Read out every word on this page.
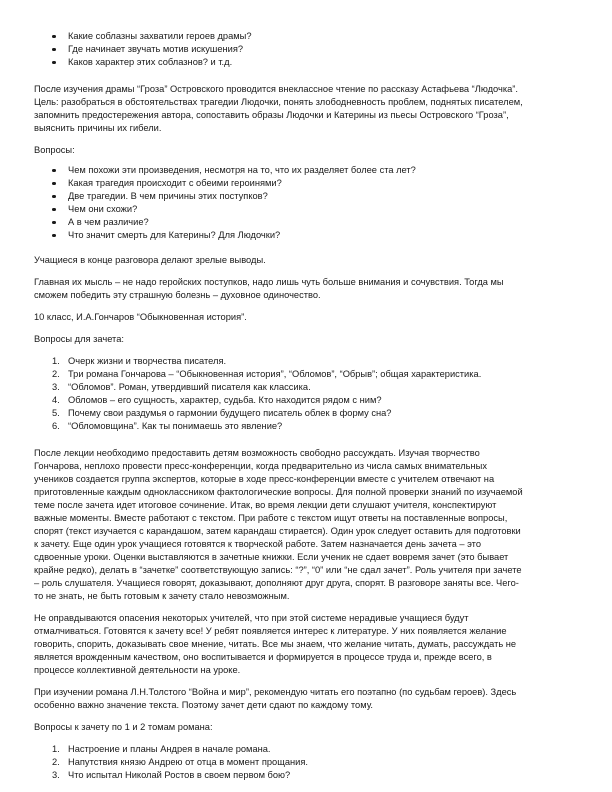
Какие соблазны захватили героев драмы?
Где начинает звучать мотив искушения?
Каков характер этих соблазнов? и т.д.

После изучения драмы “Гроза” Островского проводится внеклассное чтение по рассказу Астафьева “Людочка”.
Цель: разобраться в обстоятельствах трагедии Людочки, понять злободневность проблем, поднятых писателем,
запомнить предостережения автора, сопоставить образы Людочки и Катерины из пьесы Островского “Гроза”,
выяснить причины их гибели.

Вопросы:

Чем похожи эти произведения, несмотря на то, что их разделяет более ста лет?
Какая трагедия происходит с обеими героинями?
Две трагедии. В чем причины этих поступков?
Чем они схожи?
А в чем различие?
Что значит смерть для Катерины? Для Людочки?

Учащиеся в конце разговора делают зрелые выводы.

Главная их мысль – не надо геройских поступков, надо лишь чуть больше внимания и сочувствия. Тогда мы
сможем победить эту страшную болезнь – духовное одиночество.

10 класс, И.А.Гончаров “Обыкновенная история”.

Вопросы для зачета:

1. Очерк жизни и творчества писателя.
2. Три романа Гончарова – “Обыкновенная история”, “Обломов”, “Обрыв”; общая характеристика.
3. “Обломов”. Роман, утвердивший писателя как классика.
4. Обломов – его сущность, характер, судьба. Кто находится рядом с ним?
5. Почему свои раздумья о гармонии будущего писатель облек в форму сна?
6. “Обломовщина”. Как ты понимаешь это явление?

После лекции необходимо предоставить детям возможность свободно рассуждать. Изучая творчество
Гончарова, неплохо провести пресс-конференции, когда предварительно из числа самых внимательных
учеников создается группа экспертов, которые в ходе пресс-конференции вместе с учителем отвечают на
приготовленные каждым одноклассником фактологические вопросы. Для полной проверки знаний по изучаемой
теме после зачета идет итоговое сочинение. Итак, во время лекции дети слушают учителя, конспектируют
важные моменты. Вместе работают с текстом. При работе с текстом ищут ответы на поставленные вопросы,
спорят (текст изучается с карандашом, затем карандаш стирается). Один урок следует оставить для подготовки
к зачету. Еще один урок учащиеся готовятся к творческой работе. Затем назначается день зачета – это
сдвоенные уроки. Оценки выставляются в зачетные книжки. Если ученик не сдает вовремя зачет (это бывает
крайне редко), делать в “зачетке” соответствующую запись: “?”, “0” или “не сдал зачет”. Роль учителя при зачете
– роль слушателя. Учащиеся говорят, доказывают, дополняют друг друга, спорят. В разговоре заняты все. Чего-
то не знать, не быть готовым к зачету стало невозможным.

Не оправдываются опасения некоторых учителей, что при этой системе нерадивые учащиеся будут
отмалчиваться. Готовятся к зачету все! У ребят появляется интерес к литературе. У них появляется желание
говорить, спорить, доказывать свое мнение, читать. Все мы знаем, что желание читать, думать, рассуждать не
является врожденным качеством, оно воспитывается и формируется в процессе труда и, прежде всего, в
процессе коллективной деятельности на уроке.

При изучении романа Л.Н.Толстого “Война и мир”, рекомендую читать его поэтапно (по судьбам героев). Здесь
особенно важно значение текста. Поэтому зачет дети сдают по каждому тому.

Вопросы к зачету по 1 и 2 томам романа:

1. Настроение и планы Андрея в начале романа.
2. Напутствия князю Андрею от отца в момент прощания.
3. Что испытал Николай Ростов в своем первом бою?
